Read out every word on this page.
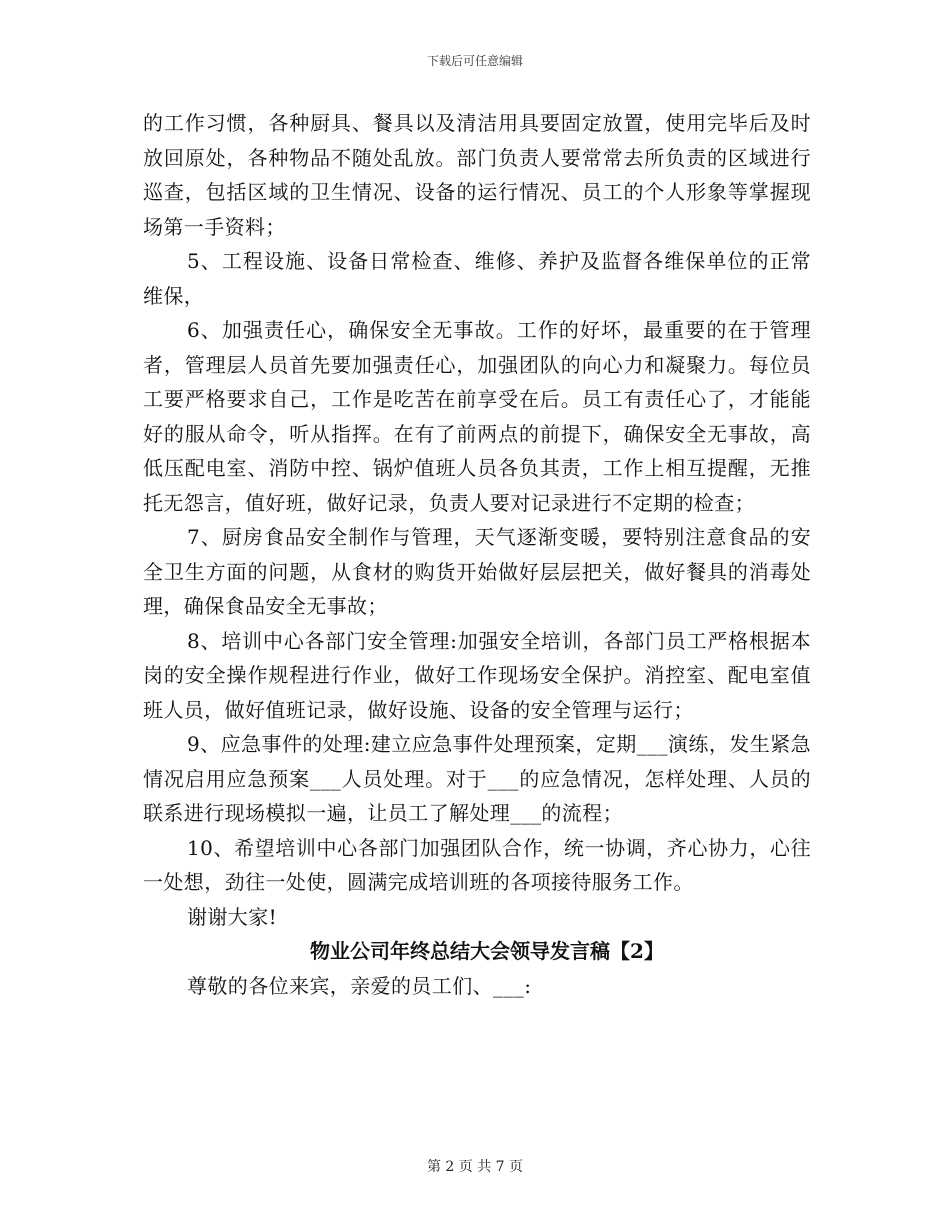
下载后可任意编辑

的工作习惯，各种厨具、餐具以及清洁用具要固定放置，使用完毕后及时放回原处，各种物品不随处乱放。部门负责人要常常去所负责的区域进行巡查，包括区域的卫生情况、设备的运行情况、员工的个人形象等掌握现场第一手资料；

5、工程设施、设备日常检查、维修、养护及监督各维保单位的正常维保，

6、加强责任心，确保安全无事故。工作的好坏，最重要的在于管理者，管理层人员首先要加强责任心，加强团队的向心力和凝聚力。每位员工要严格要求自己，工作是吃苦在前享受在后。员工有责任心了，才能能好的服从命令，听从指挥。在有了前两点的前提下，确保安全无事故，高低压配电室、消防中控、锅炉值班人员各负其责，工作上相互提醒，无推托无怨言，值好班，做好记录，负责人要对记录进行不定期的检查；

7、厨房食品安全制作与管理，天气逐渐变暖，要特别注意食品的安全卫生方面的问题，从食材的购货开始做好层层把关，做好餐具的消毒处理，确保食品安全无事故；

8、培训中心各部门安全管理:加强安全培训，各部门员工严格根据本岗的安全操作规程进行作业，做好工作现场安全保护。消控室、配电室值班人员，做好值班记录，做好设施、设备的安全管理与运行；

9、应急事件的处理:建立应急事件处理预案，定期___演练，发生紧急情况启用应急预案___人员处理。对于___的应急情况，怎样处理、人员的联系进行现场模拟一遍，让员工了解处理___的流程；

10、希望培训中心各部门加强团队合作，统一协调，齐心协力，心往一处想，劲往一处使，圆满完成培训班的各项接待服务工作。

谢谢大家!

物业公司年终总结大会领导发言稿【2】

尊敬的各位来宾，亲爱的员工们、___:

第 2 页 共 7 页
